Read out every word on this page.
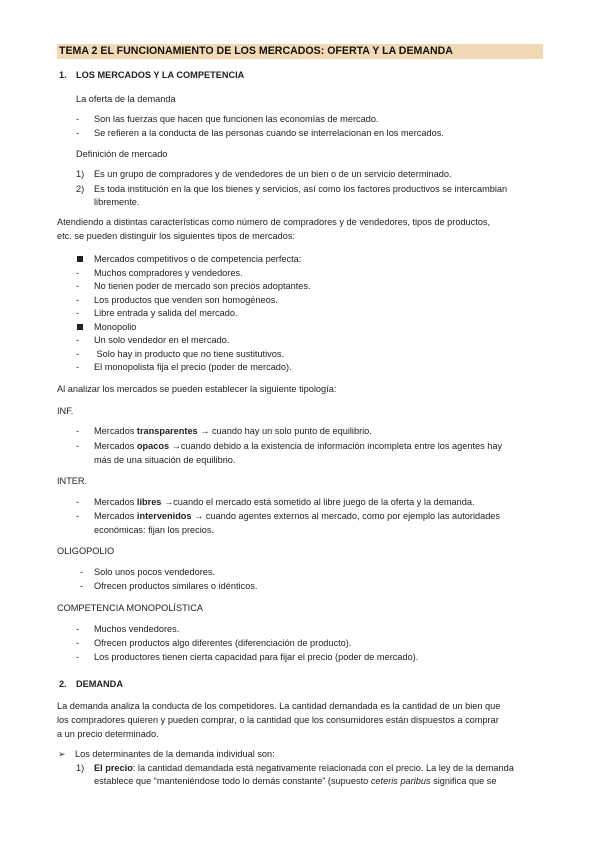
TEMA 2 EL FUNCIONAMIENTO DE LOS MERCADOS: OFERTA Y LA DEMANDA
1. LOS MERCADOS Y LA COMPETENCIA
La oferta de la demanda
- Son las fuerzas que hacen que funcionen las economías de mercado.
- Se refieren a la conducta de las personas cuando se interrelacionan en los mercados.
Definición de mercado
1) Es un grupo de compradores y de vendedores de un bien o de un servicio determinado.
2) Es toda institución en la que los bienes y servicios, así como los factores productivos se intercambian
libremente.
Atendiendo a distintas características como número de compradores y de vendedores, tipos de productos,
etc. se pueden distinguir los siguientes tipos de mercados:
Mercados competitivos o de competencia perfecta:
- Muchos compradores y vendedores.
- No tienen poder de mercado son precios adoptantes.
- Los productos que venden son homogéneos.
- Libre entrada y salida del mercado.
Monopolio
- Un solo vendedor en el mercado.
- Solo hay in producto que no tiene sustitutivos.
- El monopolista fija el precio (poder de mercado).
Al analizar los mercados se pueden establecer la siguiente tipología:
INF.
- Mercados transparentes → cuando hay un solo punto de equilibrio.
- Mercados opacos →cuando debido a la existencia de información incompleta entre los agentes hay
más de una situación de equilibrio.
INTER.
- Mercados libres →cuando el mercado está sometido al libre juego de la oferta y la demanda.
- Mercados intervenidos → cuando agentes externos al mercado, como por ejemplo las autoridades
económicas: fijan los precios.
OLIGOPOLIO
- Solo unos pocos vendedores.
- Ofrecen productos similares o idénticos.
COMPETENCIA MONOPOLÍSTICA
- Muchos vendedores.
- Ofrecen productos algo diferentes (diferenciación de producto).
- Los productores tienen cierta capacidad para fijar el precio (poder de mercado).
2. DEMANDA
La demanda analiza la conducta de los competidores. La cantidad demandada es la cantidad de un bien que
los compradores quieren y pueden comprar, o la cantidad que los consumidores están dispuestos a comprar
a un precio determinado.
➢ Los determinantes de la demanda individual son:
1) El precio: la cantidad demandada está negativamente relacionada con el precio. La ley de la demanda
establece que “manteniéndose todo lo demás constante” (supuesto ceteris paribus significa que se
